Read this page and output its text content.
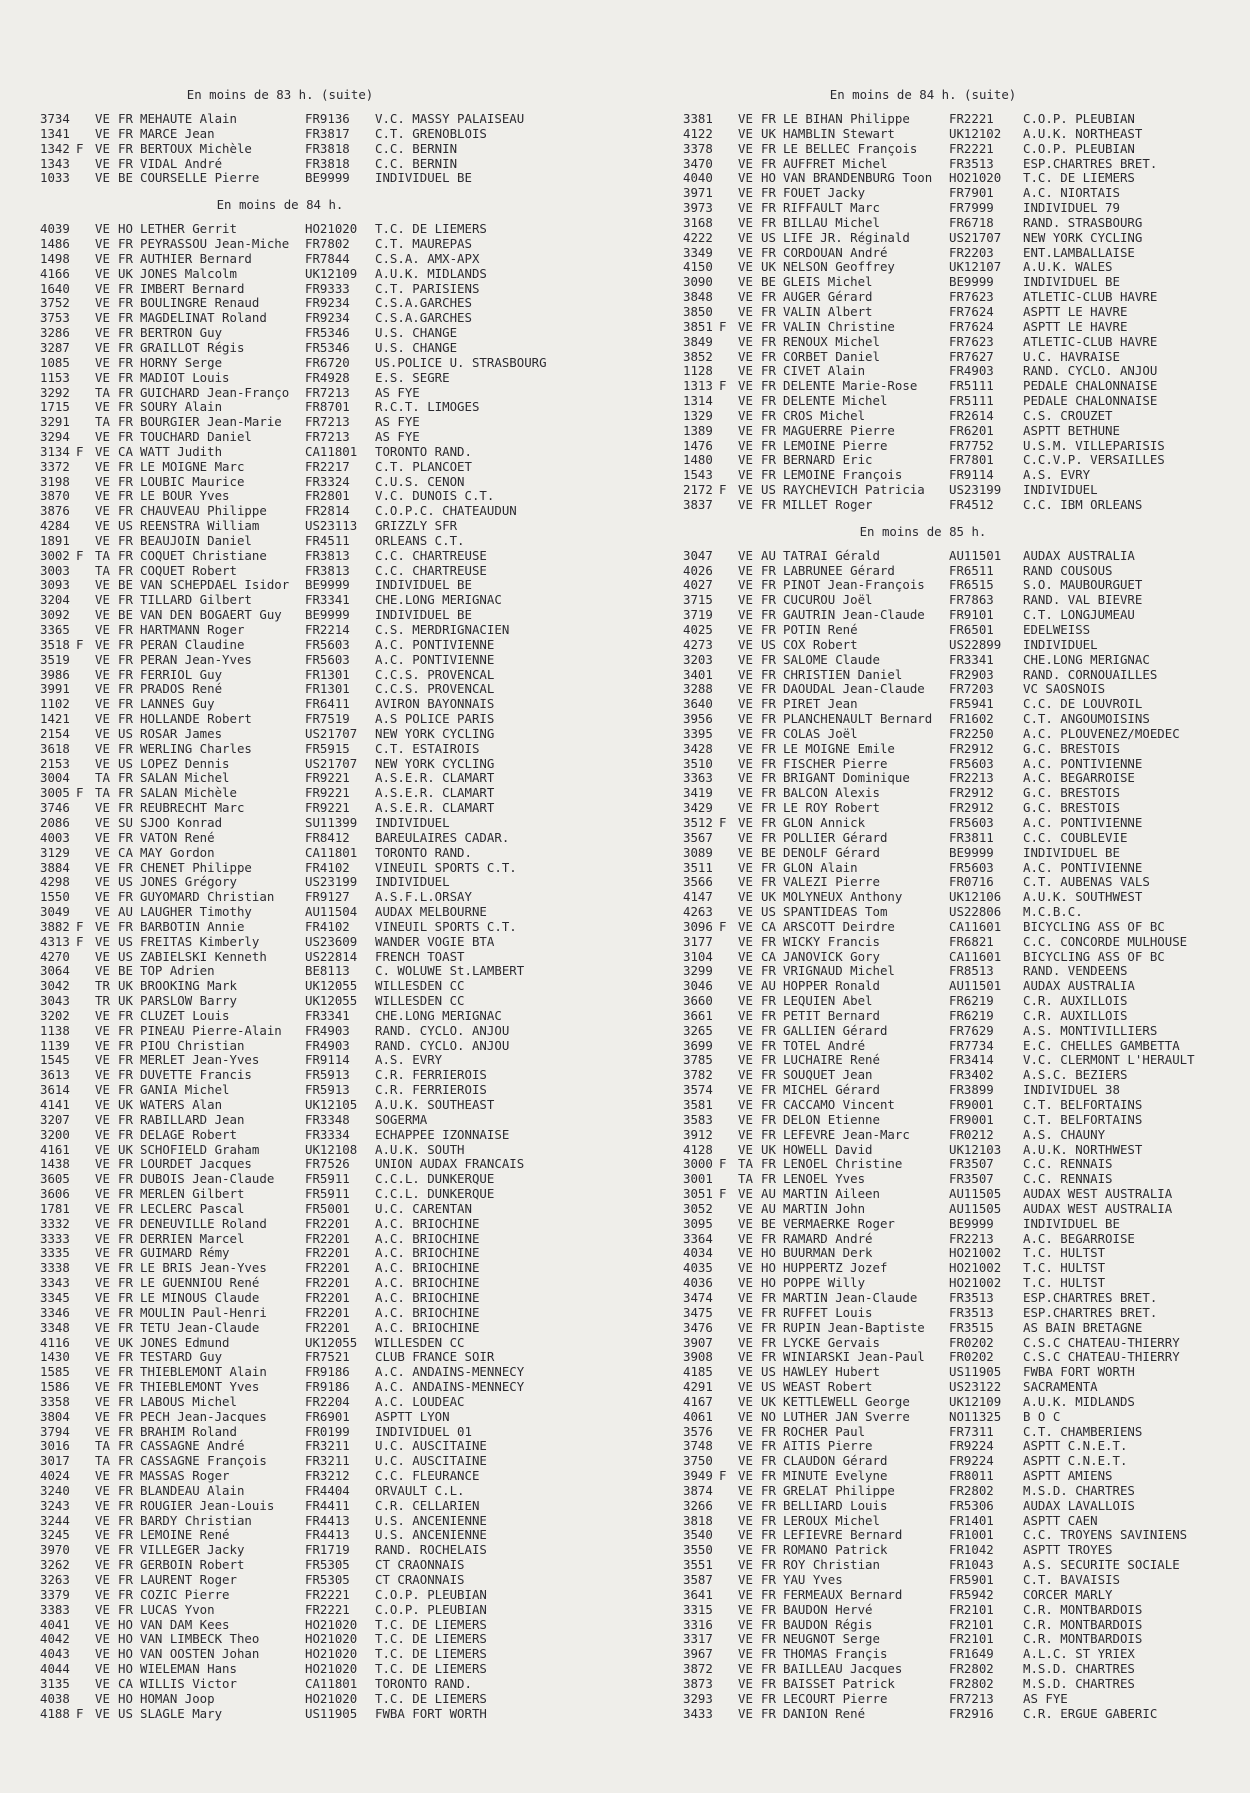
En moins de 83 h. (suite)
3734 VE FR MEHAUTE Alain	FR9136 V.C. MASSY PALAISEAU
1341 VE FR MARCE Jean	FR3817 C.T. GRENOBLOIS
1342 F VE FR BERTOUX Michèle	FR3818 C.C. BERNIN
1343 VE FR VIDAL André	FR3818 C.C. BERNIN
1033 VE BE COURSELLE Pierre	BE9999 INDIVIDUEL BE
En moins de 84 h.
4039 VE HO LETHER Gerrit	HO21020 T.C. DE LIEMERS
1486 VE FR PEYRASSOU Jean-Miche FR7802 C.T. MAUREPAS
1498 VE FR AUTHIER Bernard	FR7844 C.S.A. AMX-APX
4166 VE UK JONES Malcolm	UK12109 A.U.K. MIDLANDS
1640 VE FR IMBERT Bernard	FR9333 C.T. PARISIENS
3752 VE FR BOULINGRE Renaud	FR9234 C.S.A.GARCHES
3753 VE FR MAGDELINAT Roland	FR9234 C.S.A.GARCHES
3286 VE FR BERTRON Guy	FR5346 U.S. CHANGE
3287 VE FR GRAILLOT Régis	FR5346 U.S. CHANGE
1085 VE FR HORNY Serge	FR6720 US.POLICE U. STRASBOURG
1153 VE FR MADIOT Louis	FR4928 E.S. SEGRE
3292 TA FR GUICHARD Jean-Franço FR7213 AS FYE
1715 VE FR SOURY Alain	FR8701 R.C.T. LIMOGES
3291 TA FR BOURGIER Jean-Marie FR7213 AS FYE
3294 VE FR TOUCHARD Daniel	FR7213 AS FYE
3134 F VE CA WATT Judith	CA11801 TORONTO RAND.
3372 VE FR LE MOIGNE Marc	FR2217 C.T. PLANCOET
3198 VE FR LOUBIC Maurice	FR3324 C.U.S. CENON
3870 VE FR LE BOUR Yves	FR2801 V.C. DUNOIS C.T.
3876 VE FR CHAUVEAU Philippe	FR2814 C.O.P.C. CHATEAUDUN
4284 VE US REENSTRA William	US23113 GRIZZLY SFR
1891 VE FR BEAUJOIN Daniel	FR4511 ORLEANS C.T.
3002 F TA FR COQUET Christiane	FR3813 C.C. CHARTREUSE
3003 TA FR COQUET Robert	FR3813 C.C. CHARTREUSE
3093 VE BE VAN SCHEPDAEL Isidor BE9999 INDIVIDUEL BE
3204 VE FR TILLARD Gilbert	FR3341 CHE.LONG MERIGNAC
3092 VE BE VAN DEN BOGAERT Guy BE9999 INDIVIDUEL BE
3365 VE FR HARTMANN Roger	FR2214 C.S. MERDRIGNACIEN
3518 F VE FR PERAN Claudine	FR5603 A.C. PONTIVIENNE
3519 VE FR PERAN Jean-Yves	FR5603 A.C. PONTIVIENNE
3986 VE FR FERRIOL Guy	FR1301 C.C.S. PROVENCAL
3991 VE FR PRADOS René	FR1301 C.C.S. PROVENCAL
1102 VE FR LANNES Guy	FR6411 AVIRON BAYONNAIS
1421 VE FR HOLLANDE Robert	FR7519 A.S POLICE PARIS
2154 VE US ROSAR James	US21707 NEW YORK CYCLING
3618 VE FR WERLING Charles	FR5915 C.T. ESTAIROIS
2153 VE US LOPEZ Dennis	US21707 NEW YORK CYCLING
3004 TA FR SALAN Michel	FR9221 A.S.E.R. CLAMART
3005 F TA FR SALAN Michèle	FR9221 A.S.E.R. CLAMART
3746 VE FR REUBRECHT Marc	FR9221 A.S.E.R. CLAMART
2086 VE SU SJOO Konrad	SU11399 INDIVIDUEL
4003 VE FR VATON René	FR8412 BAREULAIRES CADAR.
3129 VE CA MAY Gordon	CA11801 TORONTO RAND.
3884 VE FR CHENET Philippe	FR4102 VINEUIL SPORTS C.T.
4298 VE US JONES Grégory	US23199 INDIVIDUEL
1550 VE FR GUYOMARD Christian FR9127 A.S.F.L.ORSAY
3049 VE AU LAUGHER Timothy	AU11504 AUDAX MELBOURNE
3882 F VE FR BARBOTIN Annie	FR4102 VINEUIL SPORTS C.T.
4313 F VE US FREITAS Kimberly	US23609 WANDER VOGIE BTA
4270 VE US ZABIELSKI Kenneth	US22814 FRENCH TOAST
3064 VE BE TOP Adrien	BE8113 C. WOLUWE St.LAMBERT
3042 TR UK BROOKING Mark	UK12055 WILLESDEN CC
3043 TR UK PARSLOW Barry	UK12055 WILLESDEN CC
3202 VE FR CLUZET Louis	FR3341 CHE.LONG MERIGNAC
1138 VE FR PINEAU Pierre-Alain FR4903 RAND. CYCLO. ANJOU
1139 VE FR PIOU Christian	FR4903 RAND. CYCLO. ANJOU
1545 VE FR MERLET Jean-Yves	FR9114 A.S. EVRY
3613 VE FR DUVETTE Francis	FR5913 C.R. FERRIEROIS
3614 VE FR GANIA Michel	FR5913 C.R. FERRIEROIS
4141 VE UK WATERS Alan	UK12105 A.U.K. SOUTHEAST
3207 VE FR RABILLARD Jean	FR3348 SOGERMA
3200 VE FR DELAGE Robert	FR3334 ECHAPPEE IZONNAISE
4161 VE UK SCHOFIELD Graham	UK12108 A.U.K. SOUTH
1438 VE FR LOURDET Jacques	FR7526 UNION AUDAX FRANCAIS
3605 VE FR DUBOIS Jean-Claude FR5911 C.C.L. DUNKERQUE
3606 VE FR MERLEN Gilbert	FR5911 C.C.L. DUNKERQUE
1781 VE FR LECLERC Pascal	FR5001 U.C. CARENTAN
3332 VE FR DENEUVILLE Roland	FR2201 A.C. BRIOCHINE
3333 VE FR DERRIEN Marcel	FR2201 A.C. BRIOCHINE
3335 VE FR GUIMARD Rémy	FR2201 A.C. BRIOCHINE
3338 VE FR LE BRIS Jean-Yves	FR2201 A.C. BRIOCHINE
3343 VE FR LE GUENNIOU René	FR2201 A.C. BRIOCHINE
3345 VE FR LE MINOUS Claude	FR2201 A.C. BRIOCHINE
3346 VE FR MOULIN Paul-Henri	FR2201 A.C. BRIOCHINE
3348 VE FR TETU Jean-Claude	FR2201 A.C. BRIOCHINE
4116 VE UK JONES Edmund	UK12055 WILLESDEN CC
1430 VE FR TESTARD Guy	FR7521 CLUB FRANCE SOIR
1585 VE FR THIEBLEMONT Alain	FR9186 A.C. ANDAINS-MENNECY
1586 VE FR THIEBLEMONT Yves	FR9186 A.C. ANDAINS-MENNECY
3358 VE FR LABOUS Michel	FR2204 A.C. LOUDEAC
3804 VE FR PECH Jean-Jacques	FR6901 ASPTT LYON
3794 VE FR BRAHIM Roland	FR0199 INDIVIDUEL 01
3016 TA FR CASSAGNE André	FR3211 U.C. AUSCITAINE
3017 TA FR CASSAGNE François	FR3211 U.C. AUSCITAINE
4024 VE FR MASSAS Roger	FR3212 C.C. FLEURANCE
3240 VE FR BLANDEAU Alain	FR4404 ORVAULT C.L.
3243 VE FR ROUGIER Jean-Louis FR4411 C.R. CELLARIEN
3244 VE FR BARDY Christian	FR4413 U.S. ANCENIENNE
3245 VE FR LEMOINE René	FR4413 U.S. ANCENIENNE
3970 VE FR VILLEGER Jacky	FR1719 RAND. ROCHELAIS
3262 VE FR GERBOIN Robert	FR5305 CT CRAONNAIS
3263 VE FR LAURENT Roger	FR5305 CT CRAONNAIS
3379 VE FR COZIC Pierre	FR2221 C.O.P. PLEUBIAN
3383 VE FR LUCAS Yvon	FR2221 C.O.P. PLEUBIAN
4041 VE HO VAN DAM Kees	HO21020 T.C. DE LIEMERS
4042 VE HO VAN LIMBECK Theo	HO21020 T.C. DE LIEMERS
4043 VE HO VAN OOSTEN Johan	HO21020 T.C. DE LIEMERS
4044 VE HO WIELEMAN Hans	HO21020 T.C. DE LIEMERS
3135 VE CA WILLIS Victor	CA11801 TORONTO RAND.
4038 VE HO HOMAN Joop	HO21020 T.C. DE LIEMERS
4188 F VE US SLAGLE Mary	US11905 FWBA FORT WORTH
En moins de 84 h. (suite)
3381 VE FR LE BIHAN Philippe	FR2221 C.O.P. PLEUBIAN
4122 VE UK HAMBLIN Stewart	UK12102 A.U.K. NORTHEAST
3378 VE FR LE BELLEC François	FR2221 C.O.P. PLEUBIAN
3470 VE FR AUFFRET Michel	FR3513 ESP.CHARTRES BRET.
4040 VE HO VAN BRANDENBURG Toon HO21020 T.C. DE LIEMERS
3971 VE FR FOUET Jacky	FR7901 A.C. NIORTAIS
3973 VE FR RIFFAULT Marc	FR7999 INDIVIDUEL 79
3168 VE FR BILLAU Michel	FR6718 RAND. STRASBOURG
4222 VE US LIFE JR. Réginald	US21707 NEW YORK CYCLING
3349 VE FR CORDOUAN André	FR2203 ENT.LAMBALLAISE
4150 VE UK NELSON Geoffrey	UK12107 A.U.K. WALES
3090 VE BE GLEIS Michel	BE9999 INDIVIDUEL BE
3848 VE FR AUGER Gérard	FR7623 ATLETIC-CLUB HAVRE
3850 VE FR VALIN Albert	FR7624 ASPTT LE HAVRE
3851 F VE FR VALIN Christine	FR7624 ASPTT LE HAVRE
3849 VE FR RENOUX Michel	FR7623 ATLETIC-CLUB HAVRE
3852 VE FR CORBET Daniel	FR7627 U.C. HAVRAISE
1128 VE FR CIVET Alain	FR4903 RAND. CYCLO. ANJOU
1313 F VE FR DELENTE Marie-Rose	FR5111 PEDALE CHALONNAISE
1314 VE FR DELENTE Michel	FR5111 PEDALE CHALONNAISE
1329 VE FR CROS Michel	FR2614 C.S. CROUZET
1389 VE FR MAGUERRE Pierre	FR6201 ASPTT BETHUNE
1476 VE FR LEMOINE Pierre	FR7752 U.S.M. VILLEPARISIS
1480 VE FR BERNARD Eric	FR7801 C.C.V.P. VERSAILLES
1543 VE FR LEMOINE François	FR9114 A.S. EVRY
2172 F VE US RAYCHEVICH Patricia US23199 INDIVIDUEL
3837 VE FR MILLET Roger	FR4512 C.C. IBM ORLEANS
En moins de 85 h.
3047 VE AU TATRAI Gérald	AU11501 AUDAX AUSTRALIA
4026 VE FR LABRUNEE Gérard	FR6511 RAND COUSOUS
4027 VE FR PINOT Jean-François FR6515 S.O. MAUBOURGUET
3715 VE FR CUCUROU Joël	FR7863 RAND. VAL BIEVRE
3719 VE FR GAUTRIN Jean-Claude FR9101 C.T. LONGJUMEAU
4025 VE FR POTIN René	FR6501 EDELWEISS
4273 VE US COX Robert	US22899 INDIVIDUEL
3203 VE FR SALOME Claude	FR3341 CHE.LONG MERIGNAC
3401 VE FR CHRISTIEN Daniel	FR2903 RAND. CORNOUAILLES
3288 VE FR DAOUDAL Jean-Claude FR7203 VC SAOSNOIS
3640 VE FR PIRET Jean	FR5941 C.C. DE LOUVROIL
3956 VE FR PLANCHENAULT Bernard FR1602 C.T. ANGOUMOISINS
3395 VE FR COLAS Joël	FR2250 A.C. PLOUVENEZ/MOEDEC
3428 VE FR LE MOIGNE Emile	FR2912 G.C. BRESTOIS
3510 VE FR FISCHER Pierre	FR5603 A.C. PONTIVIENNE
3363 VE FR BRIGANT Dominique	FR2213 A.C. BEGARROISE
3419 VE FR BALCON Alexis	FR2912 G.C. BRESTOIS
3429 VE FR LE ROY Robert	FR2912 G.C. BRESTOIS
3512 F VE FR GLON Annick	FR5603 A.C. PONTIVIENNE
3567 VE FR POLLIER Gérard	FR3811 C.C. COUBLEVIE
3089 VE BE DENOLF Gérard	BE9999 INDIVIDUEL BE
3511 VE FR GLON Alain	FR5603 A.C. PONTIVIENNE
3566 VE FR VALEZI Pierre	FR0716 C.T. AUBENAS VALS
4147 VE UK MOLYNEUX Anthony	UK12106 A.U.K. SOUTHWEST
4263 VE US SPANTIDEAS Tom	US22806 M.C.B.C.
3096 F VE CA ARSCOTT Deirdre	CA11601 BICYCLING ASS OF BC
3177 VE FR WICKY Francis	FR6821 C.C. CONCORDE MULHOUSE
3104 VE CA JANOVICK Gory	CA11601 BICYCLING ASS OF BC
3299 VE FR VRIGNAUD Michel	FR8513 RAND. VENDEENS
3046 VE AU HOPPER Ronald	AU11501 AUDAX AUSTRALIA
3660 VE FR LEQUIEN Abel	FR6219 C.R. AUXILLOIS
3661 VE FR PETIT Bernard	FR6219 C.R. AUXILLOIS
3265 VE FR GALLIEN Gérard	FR7629 A.S. MONTIVILLIERS
3699 VE FR TOTEL André	FR7734 E.C. CHELLES GAMBETTA
3785 VE FR LUCHAIRE René	FR3414 V.C. CLERMONT L'HERAULT
3782 VE FR SOUQUET Jean	FR3402 A.S.C. BEZIERS
3574 VE FR MICHEL Gérard	FR3899 INDIVIDUEL 38
3581 VE FR CACCAMO Vincent	FR9001 C.T. BELFORTAINS
3583 VE FR DELON Etienne	FR9001 C.T. BELFORTAINS
3912 VE FR LEFEVRE Jean-Marc	FR0212 A.S. CHAUNY
4128 VE UK HOWELL David	UK12103 A.U.K. NORTHWEST
3000 F TA FR LENOEL Christine	FR3507 C.C. RENNAIS
3001 TA FR LENOEL Yves	FR3507 C.C. RENNAIS
3051 F VE AU MARTIN Aileen	AU11505 AUDAX WEST AUSTRALIA
3052 VE AU MARTIN John	AU11505 AUDAX WEST AUSTRALIA
3095 VE BE VERMAERKE Roger	BE9999 INDIVIDUEL BE
3364 VE FR RAMARD André	FR2213 A.C. BEGARROISE
4034 VE HO BUURMAN Derk	HO21002 T.C. HULTST
4035 VE HO HUPPERTZ Jozef	HO21002 T.C. HULTST
4036 VE HO POPPE Willy	HO21002 T.C. HULTST
3474 VE FR MARTIN Jean-Claude	FR3513 ESP.CHARTRES BRET.
3475 VE FR RUFFET Louis	FR3513 ESP.CHARTRES BRET.
3476 VE FR RUPIN Jean-Baptiste FR3515 AS BAIN BRETAGNE
3907 VE FR LYCKE Gervais	FR0202 C.S.C CHATEAU-THIERRY
3908 VE FR WINIARSKI Jean-Paul FR0202 C.S.C CHATEAU-THIERRY
4185 VE US HAWLEY Hubert	US11905 FWBA FORT WORTH
4291 VE US WEAST Robert	US23122 SACRAMENTA
4167 VE UK KETTLEWELL George	UK12109 A.U.K. MIDLANDS
4061 VE NO LUTHER JAN Sverre	NO11325 B O C
3576 VE FR ROCHER Paul	FR7311 C.T. CHAMBERIENS
3748 VE FR AITIS Pierre	FR9224 ASPTT C.N.E.T.
3750 VE FR CLAUDON Gérard	FR9224 ASPTT C.N.E.T.
3949 F VE FR MINUTE Evelyne	FR8011 ASPTT AMIENS
3874 VE FR GRELAT Philippe	FR2802 M.S.D. CHARTRES
3266 VE FR BELLIARD Louis	FR5306 AUDAX LAVALLOIS
3818 VE FR LEROUX Michel	FR1401 ASPTT CAEN
3540 VE FR LEFIEVRE Bernard	FR1001 C.C. TROYENS SAVINIENS
3550 VE FR ROMANO Patrick	FR1042 ASPTT TROYES
3551 VE FR ROY Christian	FR1043 A.S. SECURITE SOCIALE
3587 VE FR YAU Yves	FR5901 C.T. BAVAISIS
3641 VE FR FERMEAUX Bernard	FR5942 CORCER MARLY
3315 VE FR BAUDON Hervé	FR2101 C.R. MONTBARDOIS
3316 VE FR BAUDON Régis	FR2101 C.R. MONTBARDOIS
3317 VE FR NEUGNOT Serge	FR2101 C.R. MONTBARDOIS
3967 VE FR THOMAS Françis	FR1649 A.L.C. ST YRIEX
3872 VE FR BAILLEAU Jacques	FR2802 M.S.D. CHARTRES
3873 VE FR BAISSET Patrick	FR2802 M.S.D. CHARTRES
3293 VE FR LECOURT Pierre	FR7213 AS FYE
3433 VE FR DANION René	FR2916 C.R. ERGUE GABERIC
